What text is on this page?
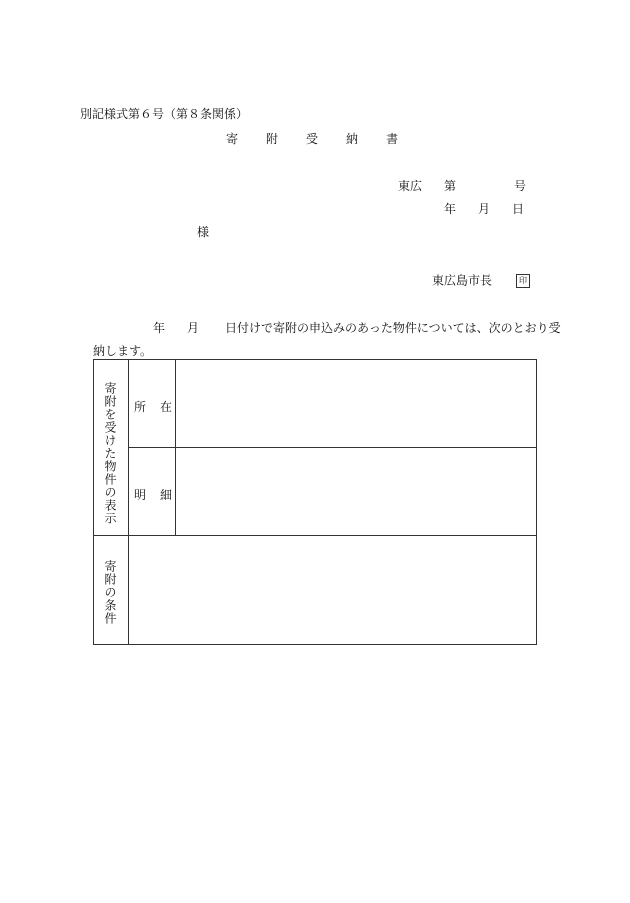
別記様式第６号（第８条関係）
寄 附 受 納 書
東広 第	号
年 月 日
様
東広島市長	印
年 月 日付けで寄附の申込みのあった物件については、次のとおり受
納します。
寄附を受けた物件の表示 所 在
明 細
寄附の条件
